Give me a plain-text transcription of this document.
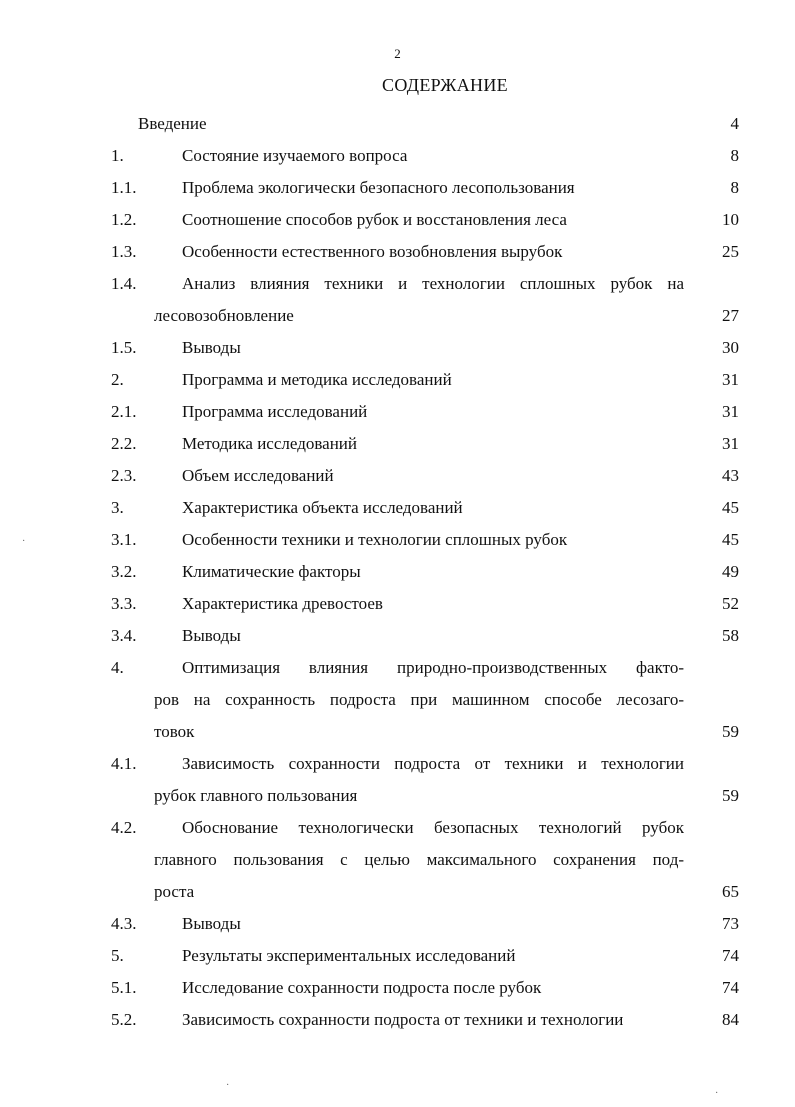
2
СОДЕРЖАНИЕ
Введение	4
1.	Состояние изучаемого вопроса	8
1.1.	Проблема экологически безопасного лесопользования	8
1.2.	Соотношение способов рубок и восстановления леса	10
1.3.	Особенности естественного возобновления вырубок	25
1.4.	Анализ влияния техники и технологии сплошных рубок на
лесовозобновление	27
1.5.	Выводы	30
2.	Программа и методика исследований	31
2.1.	Программа исследований	31
2.2.	Методика исследований	31
2.3.	Объем исследований	43
3.	Характеристика объекта исследований	45
3.1.	Особенности техники и технологии сплошных рубок	45
3.2.	Климатические факторы	49
3.3.	Характеристика древостоев	52
3.4.	Выводы	58
4.	Оптимизация влияния природно-производственных факто-
ров на сохранность подроста при машинном способе лесозаго-
товок	59
4.1.	Зависимость сохранности подроста от техники и технологии
рубок главного пользования	59
4.2.	Обоснование технологически безопасных технологий рубок
главного пользования с целью максимального сохранения под-
роста	65
4.3.	Выводы	73
5.	Результаты экспериментальных исследований	74
5.1.	Исследование сохранности подроста после рубок	74
5.2.	Зависимость сохранности подроста от техники и технологии	84
·
·
·
